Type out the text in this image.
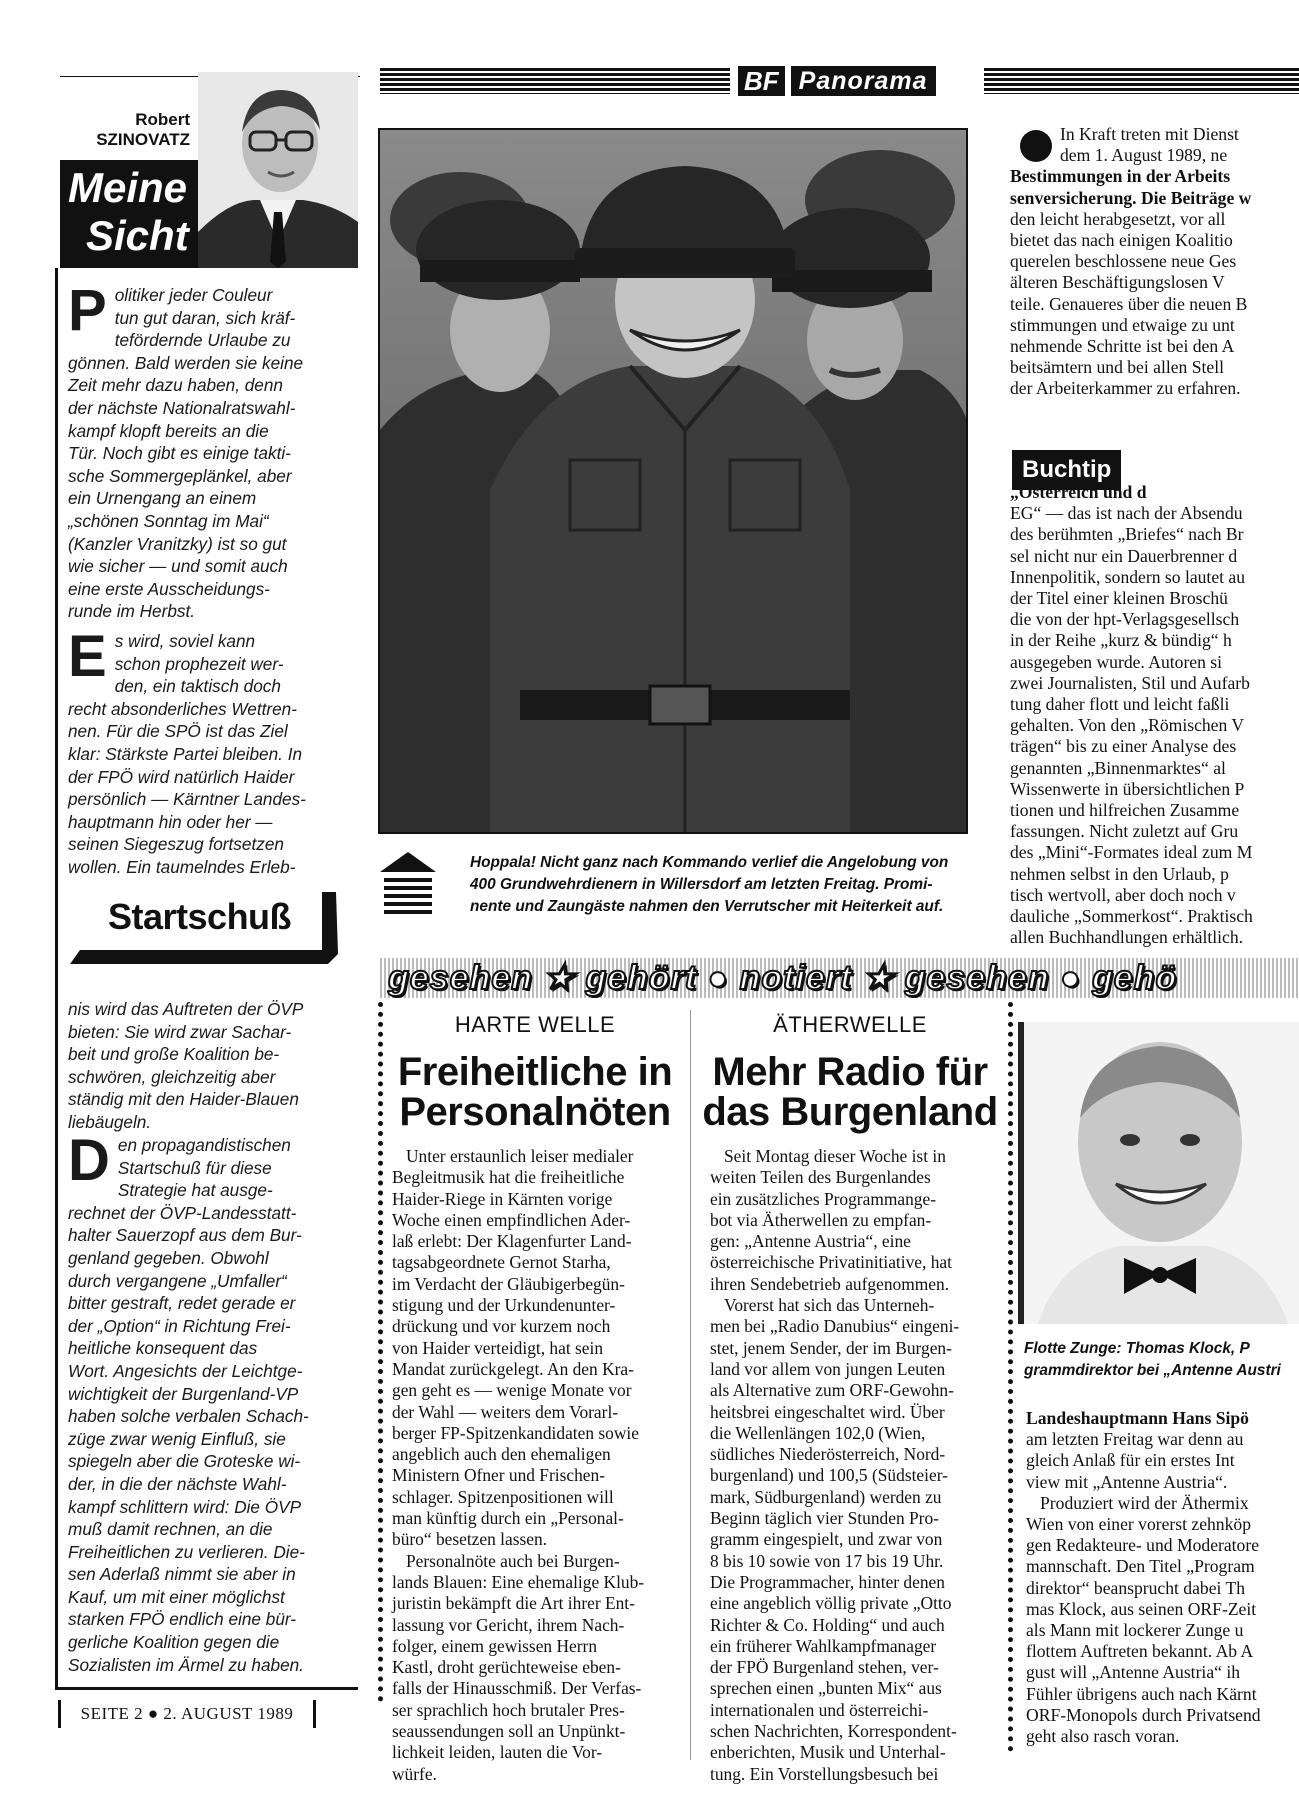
BF Panorama
Robert
SZINOVATZ
Meine
Sicht
P olitiker jeder Couleur
tun gut daran, sich kräf-
tefördernde Urlaube zu
gönnen. Bald werden sie keine
Zeit mehr dazu haben, denn
der nächste Nationalratswahl-
kampf klopft bereits an die
Tür. Noch gibt es einige takti-
sche Sommergeplänkel, aber
ein Urnengang an einem
„schönen Sonntag im Mai“
(Kanzler Vranitzky) ist so gut
wie sicher — und somit auch
eine erste Ausscheidungs-
runde im Herbst.
E s wird, soviel kann
schon prophezeit wer-
den, ein taktisch doch
recht absonderliches Wettren-
nen. Für die SPÖ ist das Ziel
klar: Stärkste Partei bleiben. In
der FPÖ wird natürlich Haider
persönlich — Kärntner Landes-
hauptmann hin oder her —
seinen Siegeszug fortsetzen
wollen. Ein taumelndes Erleb-
Startschuß
nis wird das Auftreten der ÖVP
bieten: Sie wird zwar Sachar-
beit und große Koalition be-
schwören, gleichzeitig aber
ständig mit den Haider-Blauen
liebäugeln.
D en propagandistischen
Startschuß für diese
Strategie hat ausge-
rechnet der ÖVP-Landesstatt-
halter Sauerzopf aus dem Bur-
genland gegeben. Obwohl
durch vergangene „Umfaller“
bitter gestraft, redet gerade er
der „Option“ in Richtung Frei-
heitliche konsequent das
Wort. Angesichts der Leichtge-
wichtigkeit der Burgenland-VP
haben solche verbalen Schach-
züge zwar wenig Einfluß, sie
spiegeln aber die Groteske wi-
der, in die der nächste Wahl-
kampf schlittern wird: Die ÖVP
muß damit rechnen, an die
Freiheitlichen zu verlieren. Die-
sen Aderlaß nimmt sie aber in
Kauf, um mit einer möglichst
starken FPÖ endlich eine bür-
gerliche Koalition gegen die
Sozialisten im Ärmel zu haben.
SEITE 2 ● 2. AUGUST 1989
Hoppala! Nicht ganz nach Kommando verlief die Angelobung von
400 Grundwehrdienern in Willersdorf am letzten Freitag. Promi-
nente und Zaungäste nahmen den Verrutscher mit Heiterkeit auf.
In Kraft treten mit Dienst
dem 1. August 1989, ne
Bestimmungen in der Arbeits
senversicherung. Die Beiträge w
den leicht herabgesetzt, vor all
bietet das nach einigen Koalitio
querelen beschlossene neue Ges
älteren Beschäftigungslosen V
teile. Genaueres über die neuen B
stimmungen und etwaige zu unt
nehmende Schritte ist bei den A
beitsämtern und bei allen Stell
der Arbeiterkammer zu erfahren.
Buchtip
„Österreich und d
EG“ — das ist nach der Absendu
des berühmten „Briefes“ nach Br
sel nicht nur ein Dauerbrenner d
Innenpolitik, sondern so lautet au
der Titel einer kleinen Broschü
die von der hpt-Verlagsgesellsch
in der Reihe „kurz & bündig“ h
ausgegeben wurde. Autoren si
zwei Journalisten, Stil und Aufarb
tung daher flott und leicht faßli
gehalten. Von den „Römischen V
trägen“ bis zu einer Analyse des
genannten „Binnenmarktes“ al
Wissenwerte in übersichtlichen P
tionen und hilfreichen Zusamme
fassungen. Nicht zuletzt auf Gru
des „Mini“-Formates ideal zum M
nehmen selbst in den Urlaub, p
tisch wertvoll, aber doch noch v
dauliche „Sommerkost“. Praktisch
allen Buchhandlungen erhältlich.
gesehen ★ gehört ● notiert ★ gesehen ● gehö
HARTE WELLE
Freiheitliche in
Personalnöten
Unter erstaunlich leiser medialer
Begleitmusik hat die freiheitliche
Haider-Riege in Kärnten vorige
Woche einen empfindlichen Ader-
laß erlebt: Der Klagenfurter Land-
tagsabgeordnete Gernot Starha,
im Verdacht der Gläubigerbegün-
stigung und der Urkundenunter-
drückung und vor kurzem noch
von Haider verteidigt, hat sein
Mandat zurückgelegt. An den Kra-
gen geht es — wenige Monate vor
der Wahl — weiters dem Vorarl-
berger FP-Spitzenkandidaten sowie
angeblich auch den ehemaligen
Ministern Ofner und Frischen-
schlager. Spitzenpositionen will
man künftig durch ein „Personal-
büro“ besetzen lassen.
Personalnöte auch bei Burgen-
lands Blauen: Eine ehemalige Klub-
juristin bekämpft die Art ihrer Ent-
lassung vor Gericht, ihrem Nach-
folger, einem gewissen Herrn
Kastl, droht gerüchteweise eben-
falls der Hinausschmiß. Der Verfas-
ser sprachlich hoch brutaler Pres-
seaussendungen soll an Unpünkt-
lichkeit leiden, lauten die Vor-
würfe.
ÄTHERWELLE
Mehr Radio für
das Burgenland
Seit Montag dieser Woche ist in
weiten Teilen des Burgenlandes
ein zusätzliches Programmange-
bot via Ätherwellen zu empfan-
gen: „Antenne Austria“, eine
österreichische Privatinitiative, hat
ihren Sendebetrieb aufgenommen.
Vorerst hat sich das Unterneh-
men bei „Radio Danubius“ eingeni-
stet, jenem Sender, der im Burgen-
land vor allem von jungen Leuten
als Alternative zum ORF-Gewohn-
heitsbrei eingeschaltet wird. Über
die Wellenlängen 102,0 (Wien,
südliches Niederösterreich, Nord-
burgenland) und 100,5 (Südsteier-
mark, Südburgenland) werden zu
Beginn täglich vier Stunden Pro-
gramm eingespielt, und zwar von
8 bis 10 sowie von 17 bis 19 Uhr.
Die Programmacher, hinter denen
eine angeblich völlig private „Otto
Richter & Co. Holding“ und auch
ein früherer Wahlkampfmanager
der FPÖ Burgenland stehen, ver-
sprechen einen „bunten Mix“ aus
internationalen und österreichi-
schen Nachrichten, Korrespondent-
enberichten, Musik und Unterhal-
tung. Ein Vorstellungsbesuch bei
Flotte Zunge: Thomas Klock, P
grammdirektor bei „Antenne Austri
Landeshauptmann Hans Sipö
am letzten Freitag war denn au
gleich Anlaß für ein erstes Int
view mit „Antenne Austria“.
Produziert wird der Äthermix
Wien von einer vorerst zehnköp
gen Redakteure- und Moderatore
mannschaft. Den Titel „Program
direktor“ beansprucht dabei Th
mas Klock, aus seinen ORF-Zeit
als Mann mit lockerer Zunge u
flottem Auftreten bekannt. Ab A
gust will „Antenne Austria“ ih
Fühler übrigens auch nach Kärnt
ORF-Monopols durch Privatsend
geht also rasch voran.
